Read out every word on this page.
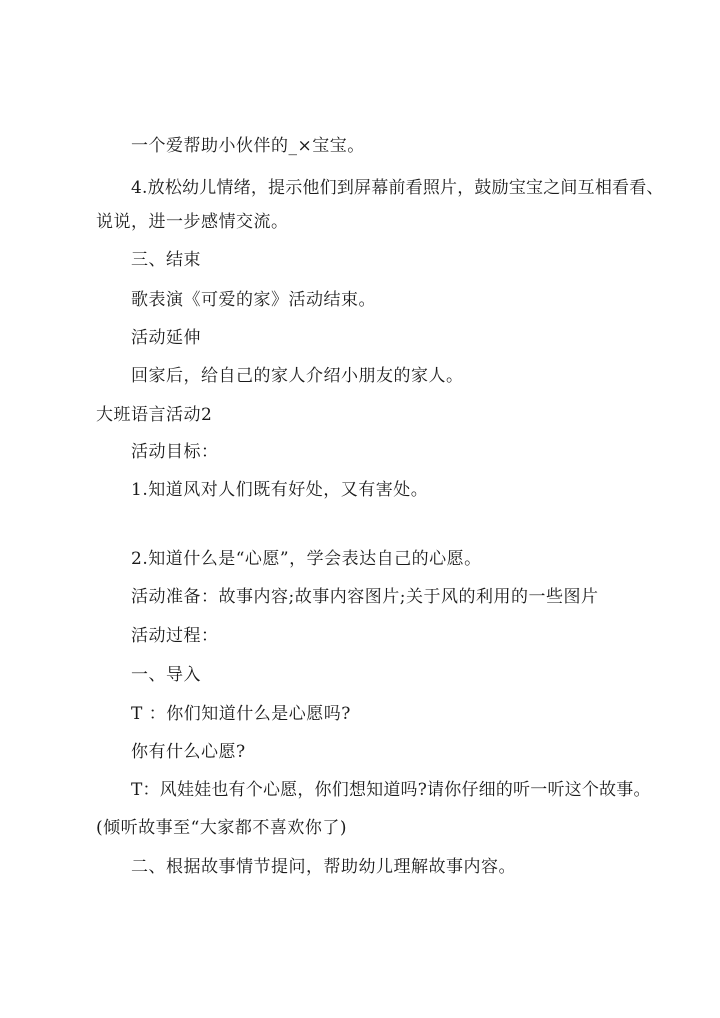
一个爱帮助小伙伴的_×宝宝。
4.放松幼儿情绪，提示他们到屏幕前看照片，鼓励宝宝之间互相看看、
说说，进一步感情交流。
三、结束
歌表演《可爱的家》活动结束。
活动延伸
回家后，给自己的家人介绍小朋友的家人。
大班语言活动2
活动目标：
1.知道风对人们既有好处，又有害处。
2.知道什么是“心愿”，学会表达自己的心愿。
活动准备：故事内容;故事内容图片;关于风的利用的一些图片
活动过程：
一、导入
T ：你们知道什么是心愿吗?
你有什么心愿?
T：风娃娃也有个心愿，你们想知道吗?请你仔细的听一听这个故事。
(倾听故事至“大家都不喜欢你了)
二、根据故事情节提问，帮助幼儿理解故事内容。
